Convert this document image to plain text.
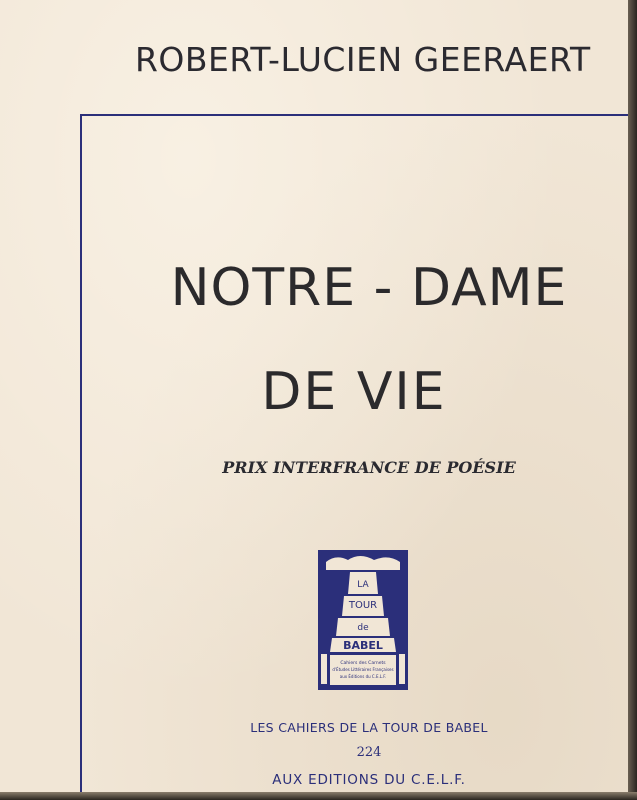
ROBERT-LUCIEN GEERAERT
NOTRE - DAME
DE VIE
PRIX INTERFRANCE DE POÉSIE
LA
TOUR
de
BABEL
Cahiers des Carnets
d'Études Littéraires Françaises
aux Éditions du C.E.L.F.
LES CAHIERS DE LA TOUR DE BABEL
224
AUX EDITIONS DU C.E.L.F.
